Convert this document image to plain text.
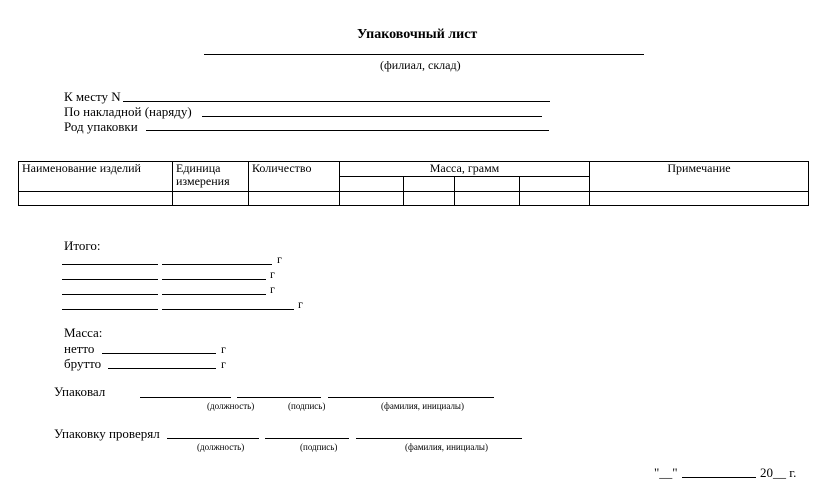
Упаковочный лист
(филиал, склад)
К месту N
По накладной (наряду)
Род упаковки
Наименование изделий	Единица измерения	Количество	Масса, грамм				Примечание

Итого:
г
г
г
г
Масса:
нетто	г
брутто	г
Упаковал
(должность)	(подпись)	(фамилия, инициалы)
Упаковку проверял
(должность)	(подпись)	(фамилия, инициалы)
"__"	20__ г.
